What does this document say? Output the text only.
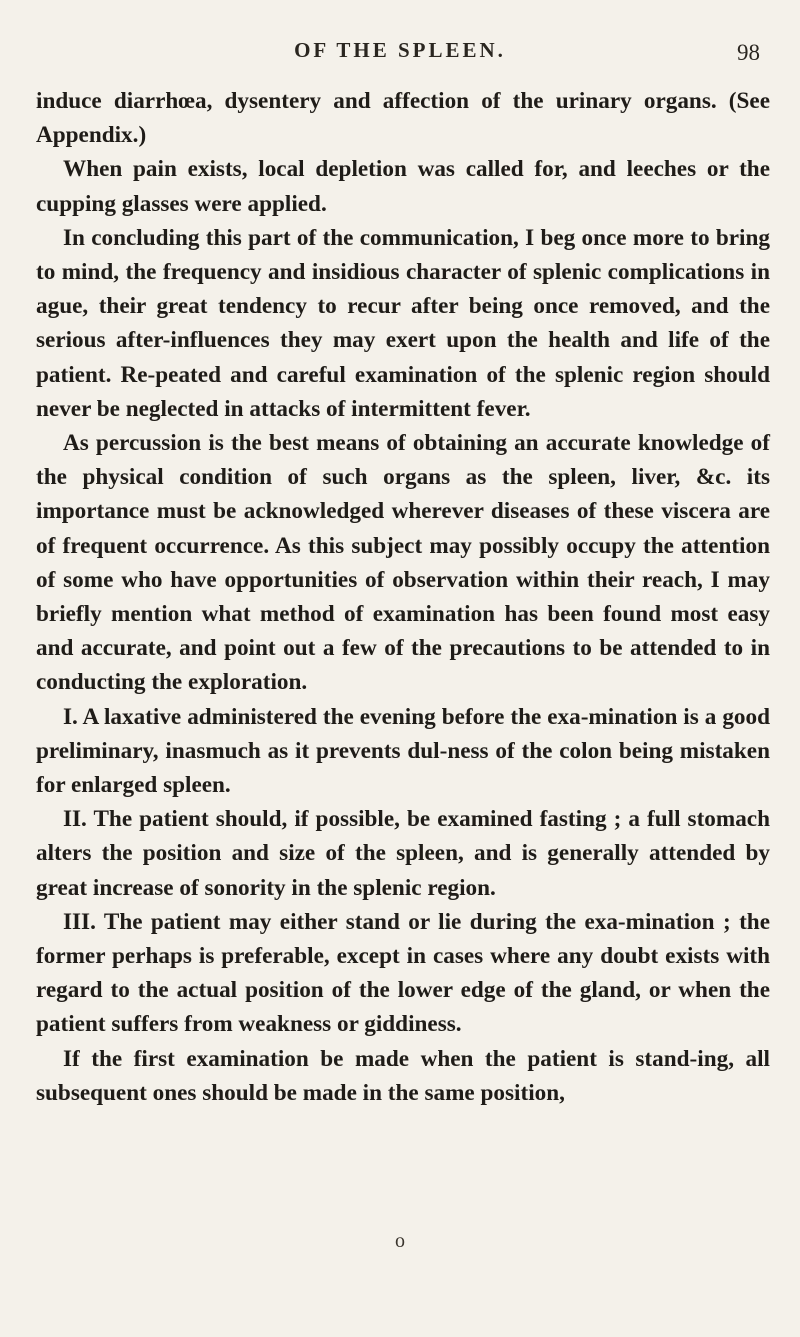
OF THE SPLEEN.	98

induce diarrhœa, dysentery and affection of the urinary organs. (See Appendix.)

When pain exists, local depletion was called for, and leeches or the cupping glasses were applied.

In concluding this part of the communication, I beg once more to bring to mind, the frequency and insidious character of splenic complications in ague, their great tendency to recur after being once removed, and the serious after-influences they may exert upon the health and life of the patient. Re-peated and careful examination of the splenic region should never be neglected in attacks of intermittent fever.

As percussion is the best means of obtaining an accurate knowledge of the physical condition of such organs as the spleen, liver, &c. its importance must be acknowledged wherever diseases of these viscera are of frequent occurrence. As this subject may possibly occupy the attention of some who have opportunities of observation within their reach, I may briefly mention what method of examination has been found most easy and accurate, and point out a few of the precautions to be attended to in conducting the exploration.

I. A laxative administered the evening before the exa-mination is a good preliminary, inasmuch as it prevents dul-ness of the colon being mistaken for enlarged spleen.

II. The patient should, if possible, be examined fasting ; a full stomach alters the position and size of the spleen, and is generally attended by great increase of sonority in the splenic region.

III. The patient may either stand or lie during the exa-mination ; the former perhaps is preferable, except in cases where any doubt exists with regard to the actual position of the lower edge of the gland, or when the patient suffers from weakness or giddiness.

If the first examination be made when the patient is stand-ing, all subsequent ones should be made in the same position,

o
